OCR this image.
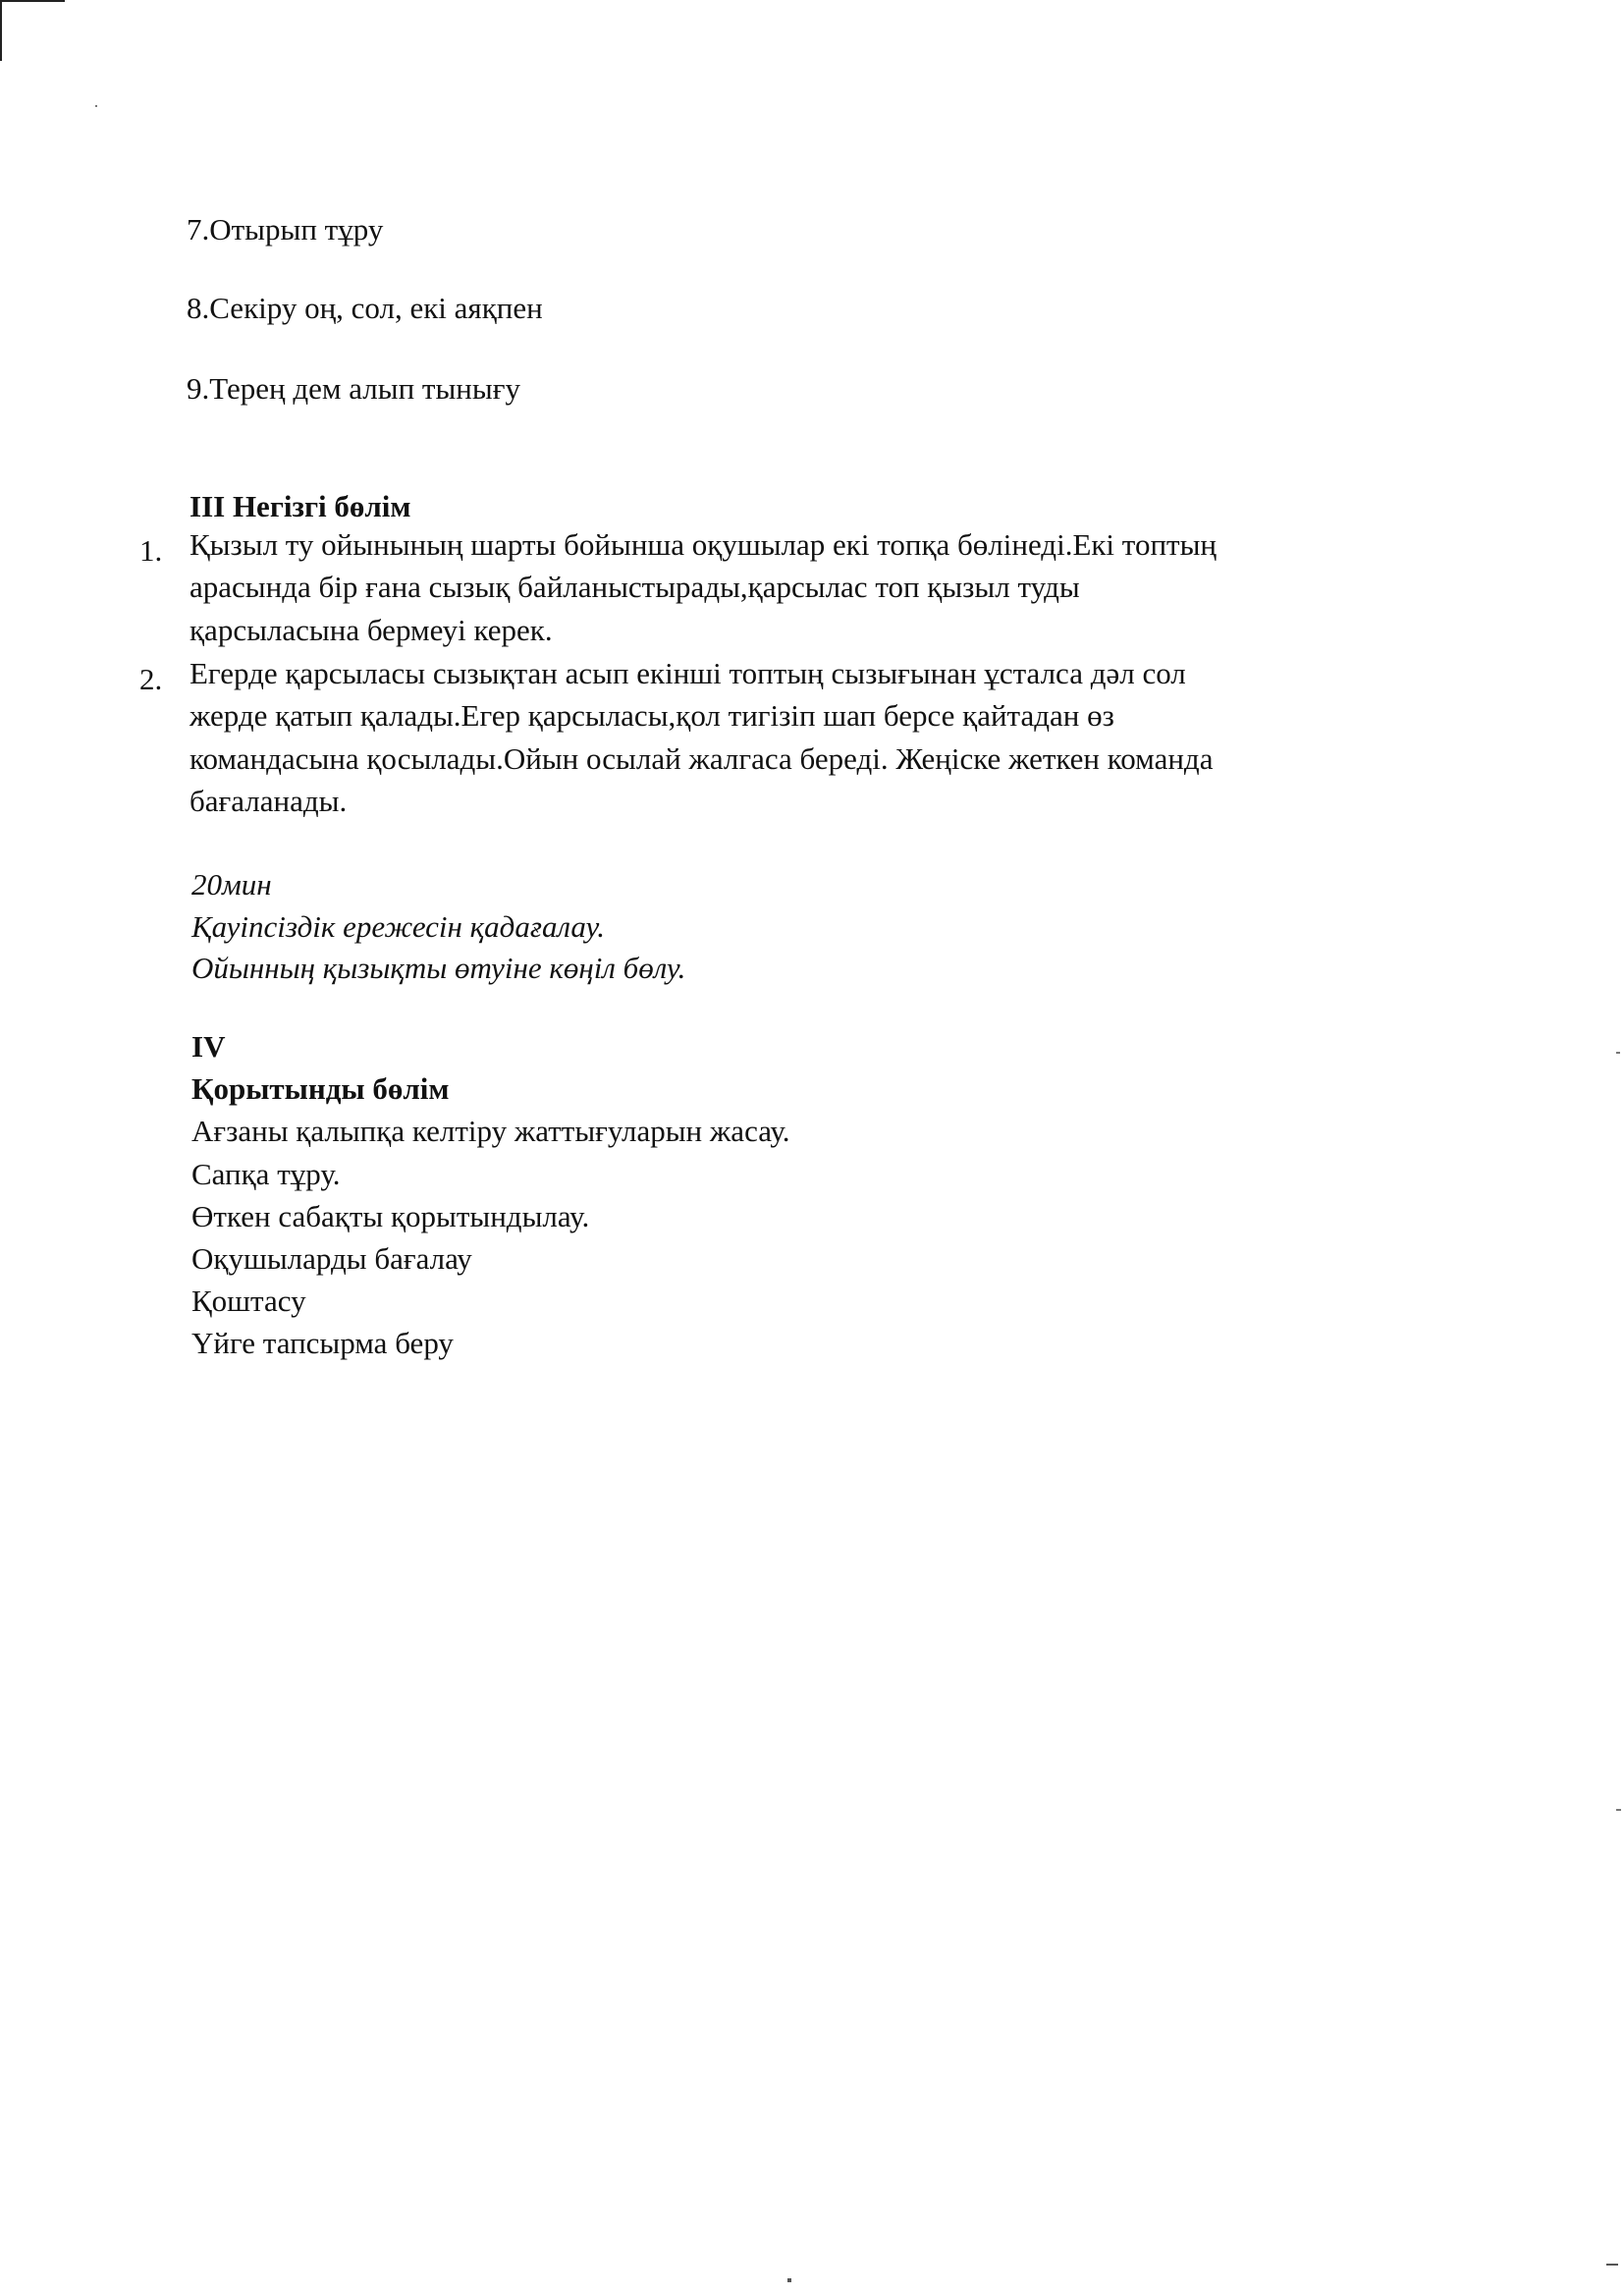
7.Отырып тұру
8.Секіру оң, сол, екі аяқпен
9.Терең дем алып тынығу
III Негізгі бөлім
1. Қызыл ту ойынының шарты бойынша оқушылар екі топқа бөлінеді.Екі топтың
арасында бір ғана сызық байланыстырады,қарсылас топ қызыл туды
қарсыласына бермеуі керек.
2. Егерде қарсыласы сызықтан асып екінші топтың сызығынан ұсталса дәл сол
жерде қатып қалады.Егер қарсыласы,қол тигізіп шап берсе қайтадан өз
командасына қосылады.Ойын осылай жалгаса береді. Жеңіске жеткен команда
бағаланады.
20мин
Қауіпсіздік ережесін қадағалау.
Ойынның қызықты өтуіне көңіл бөлу.
IV
Қорытынды бөлім
Ағзаны қалыпқа келтіру жаттығуларын жасау.
Сапқа тұру.
Өткен сабақты қорытындылау.
Оқушыларды бағалау
Қоштасу
Үйге тапсырма беру
